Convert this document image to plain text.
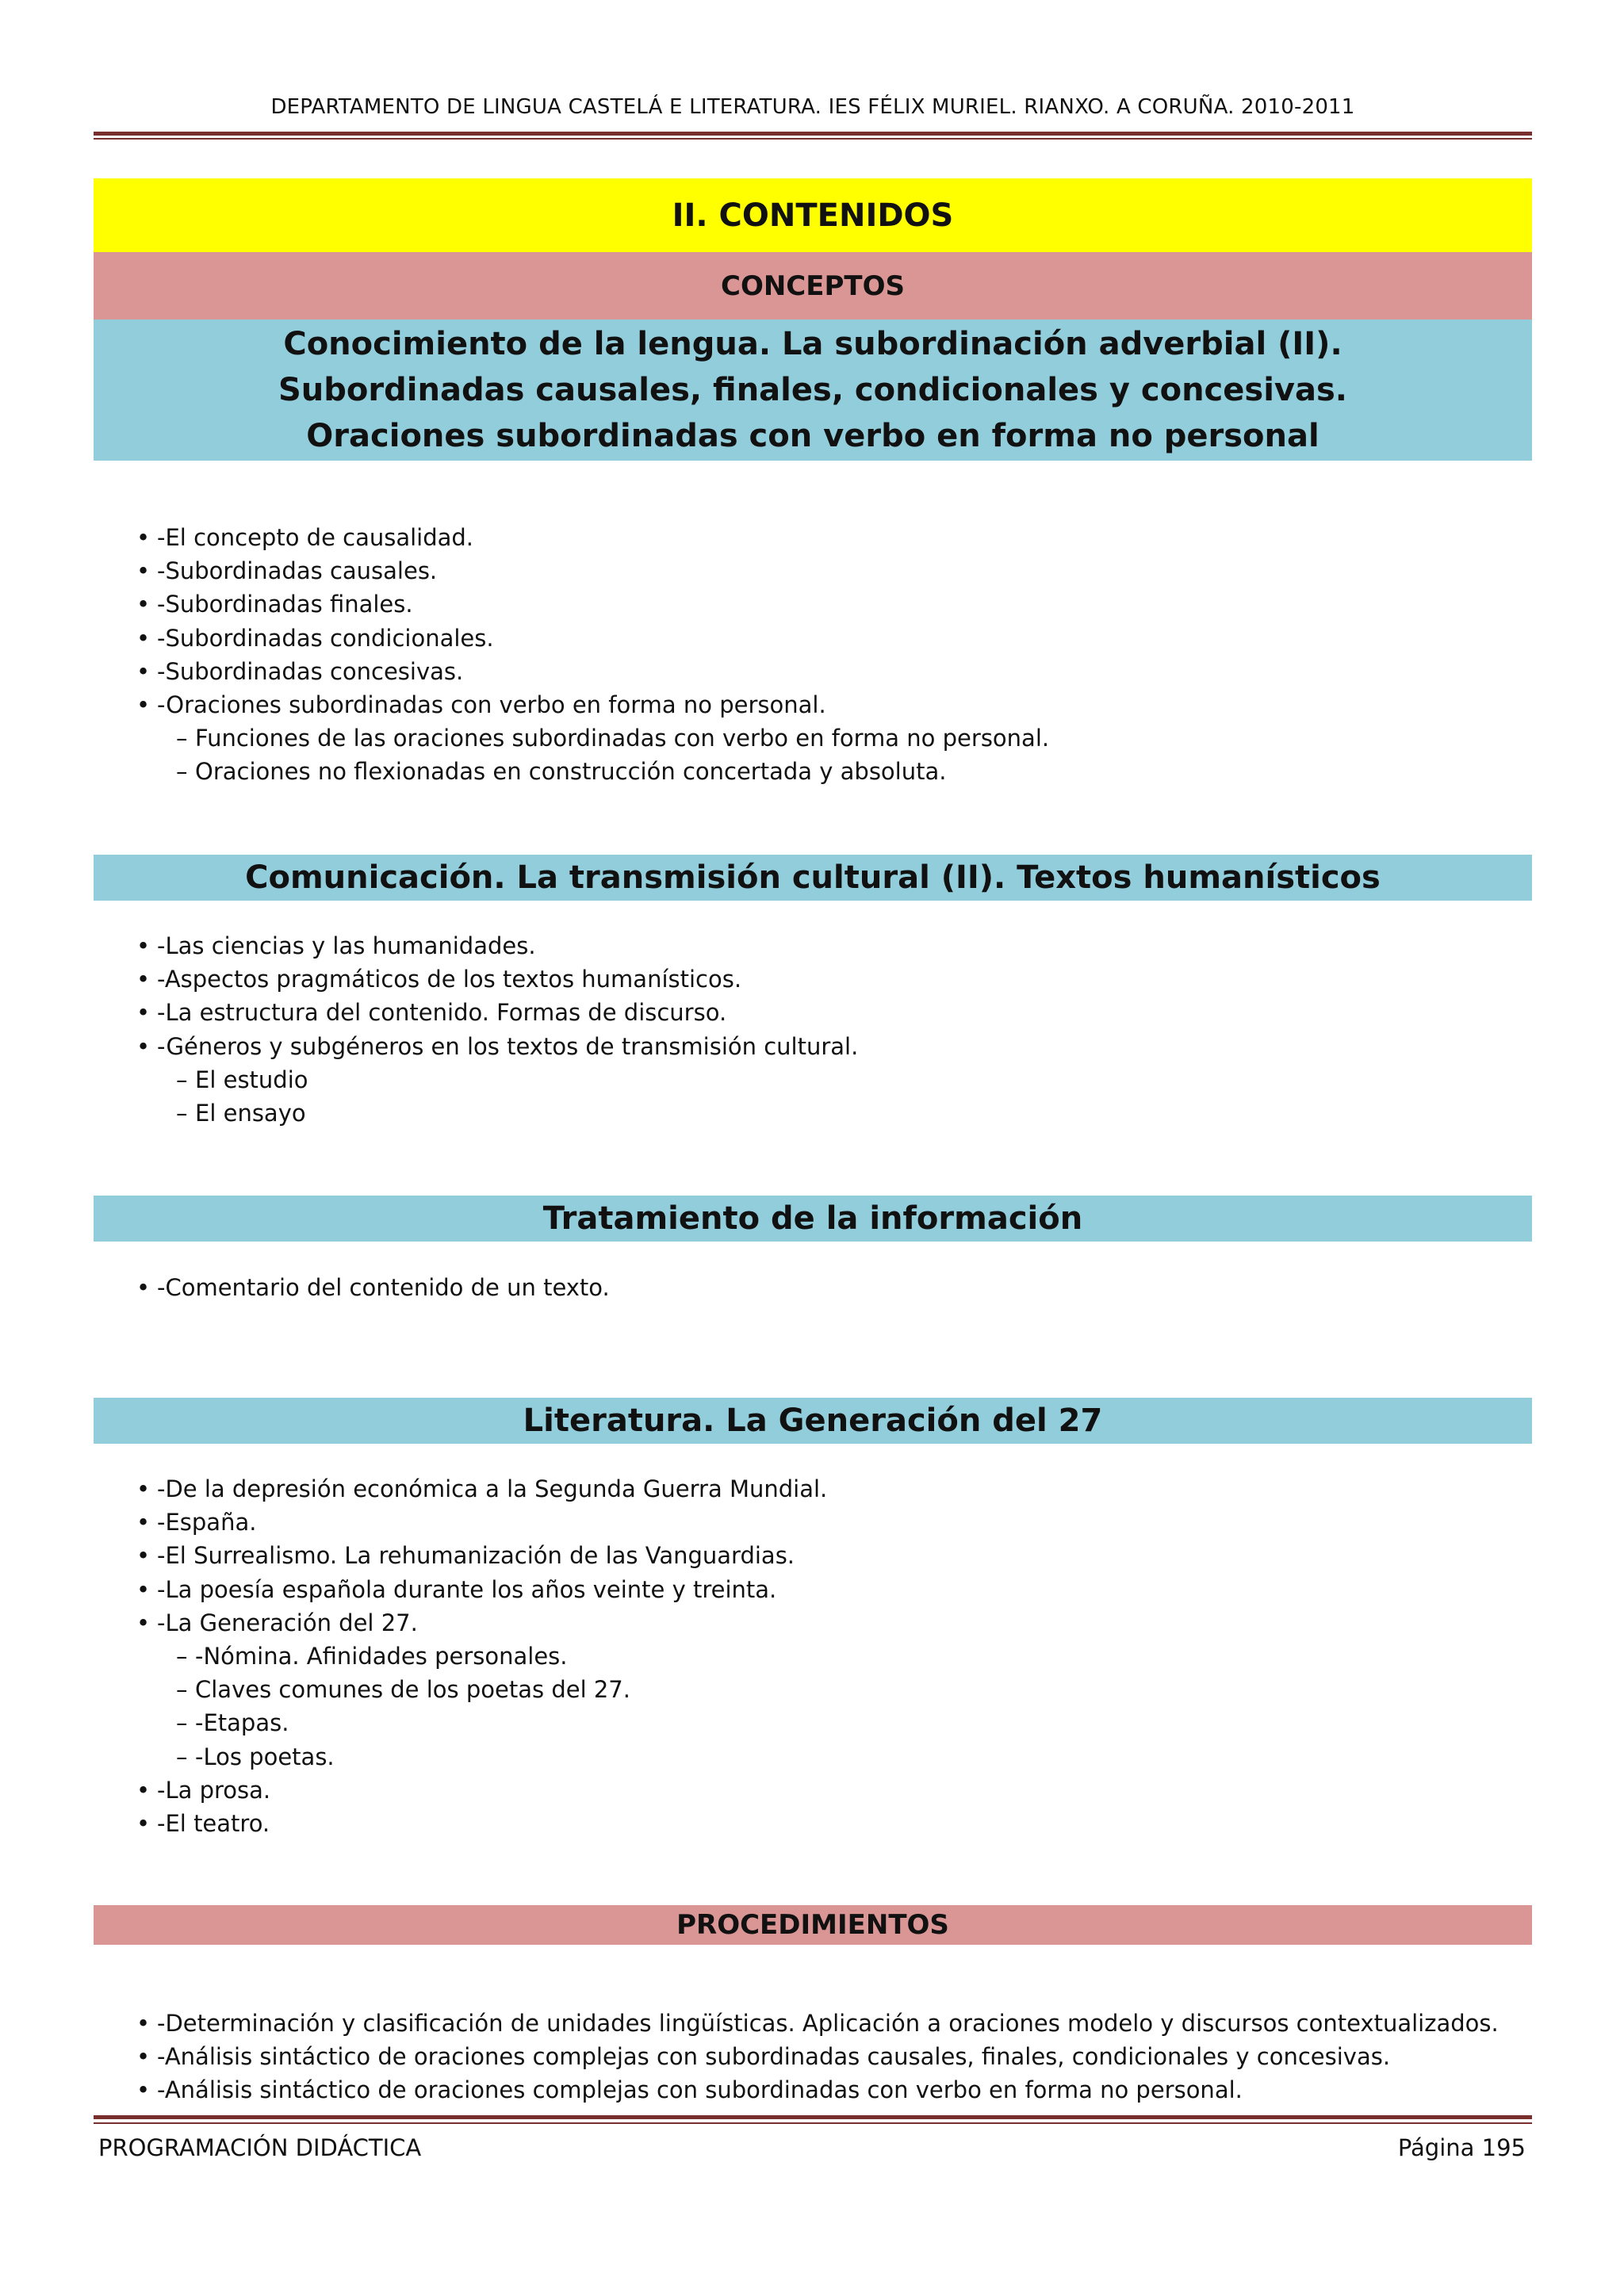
DEPARTAMENTO DE LINGUA CASTELÁ E LITERATURA. IES FÉLIX MURIEL. RIANXO. A CORUÑA. 2010-2011
II. CONTENIDOS
CONCEPTOS
Conocimiento de la lengua. La subordinación adverbial (II). Subordinadas causales, finales, condicionales y concesivas. Oraciones subordinadas con verbo en forma no personal
• -El concepto de causalidad.
• -Subordinadas causales.
• -Subordinadas finales.
• -Subordinadas condicionales.
• -Subordinadas concesivas.
• -Oraciones subordinadas con verbo en forma no personal.
– Funciones de las oraciones subordinadas con verbo en forma no personal.
– Oraciones no flexionadas en construcción concertada y absoluta.
Comunicación. La transmisión cultural (II). Textos humanísticos
• -Las ciencias y las humanidades.
• -Aspectos pragmáticos de los textos humanísticos.
• -La estructura del contenido. Formas de discurso.
• -Géneros y subgéneros en los textos de transmisión cultural.
– El estudio
– El ensayo
Tratamiento de la información
• -Comentario del contenido de un texto.
Literatura. La Generación del 27
• -De la depresión económica a la Segunda Guerra Mundial.
• -España.
• -El Surrealismo. La rehumanización de las Vanguardias.
• -La poesía española durante los años veinte y treinta.
• -La Generación del 27.
– -Nómina. Afinidades personales.
– Claves comunes de los poetas del 27.
– -Etapas.
– -Los poetas.
• -La prosa.
• -El teatro.
PROCEDIMIENTOS
• -Determinación y clasificación de unidades lingüísticas. Aplicación a oraciones modelo y discursos contextualizados.
• -Análisis sintáctico de oraciones complejas con subordinadas causales, finales, condicionales y concesivas.
• -Análisis sintáctico de oraciones complejas con subordinadas con verbo en forma no personal.
PROGRAMACIÓN DIDÁCTICA	Página 195
